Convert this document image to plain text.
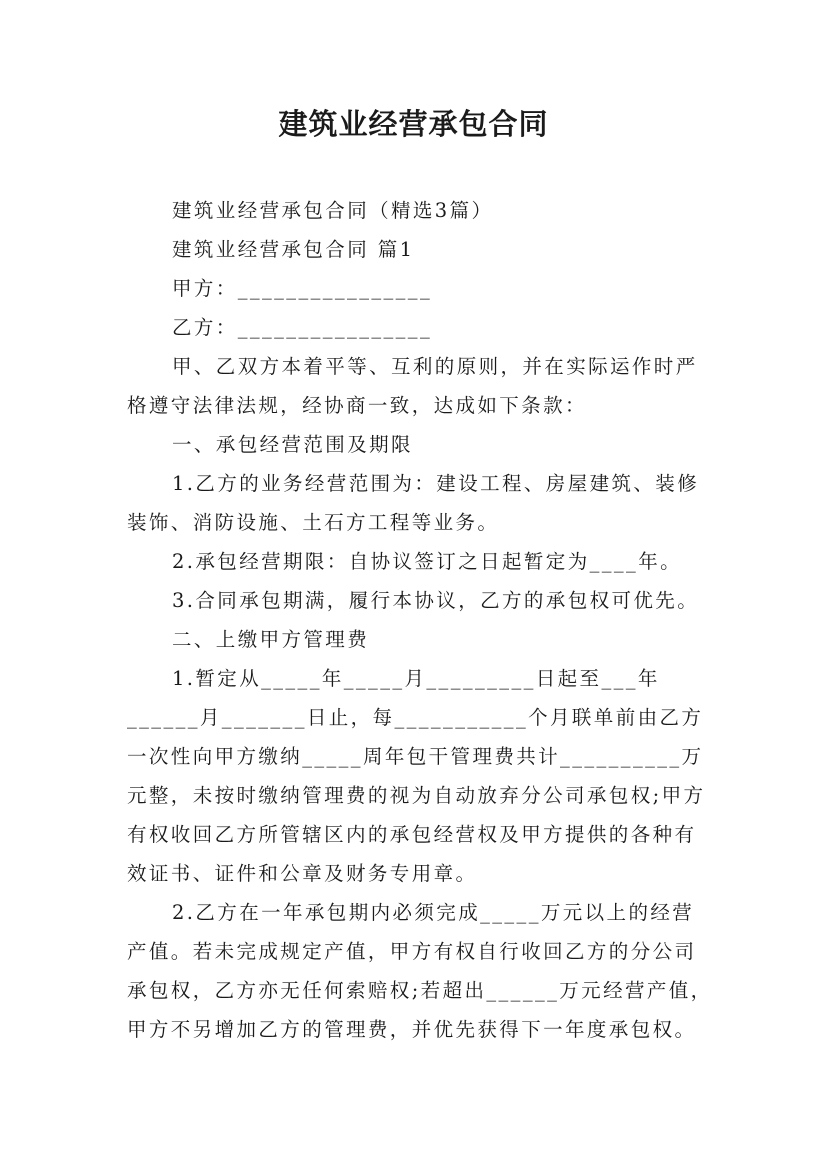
建筑业经营承包合同

建筑业经营承包合同（精选3篇）

建筑业经营承包合同 篇1

甲方：________________

乙方：________________

甲、乙双方本着平等、互利的原则，并在实际运作时严格遵守法律法规，经协商一致，达成如下条款：

一、承包经营范围及期限

1.乙方的业务经营范围为：建设工程、房屋建筑、装修装饰、消防设施、土石方工程等业务。

2.承包经营期限：自协议签订之日起暂定为____年。

3.合同承包期满，履行本协议，乙方的承包权可优先。

二、上缴甲方管理费

1.暂定从_____年_____月_________日起至___年______月_______日止，每___________个月联单前由乙方一次性向甲方缴纳_____周年包干管理费共计__________万元整，未按时缴纳管理费的视为自动放弃分公司承包权;甲方有权收回乙方所管辖区内的承包经营权及甲方提供的各种有效证书、证件和公章及财务专用章。

2.乙方在一年承包期内必须完成_____万元以上的经营产值。若未完成规定产值，甲方有权自行收回乙方的分公司承包权，乙方亦无任何索赔权;若超出______万元经营产值，甲方不另增加乙方的管理费，并优先获得下一年度承包权。
